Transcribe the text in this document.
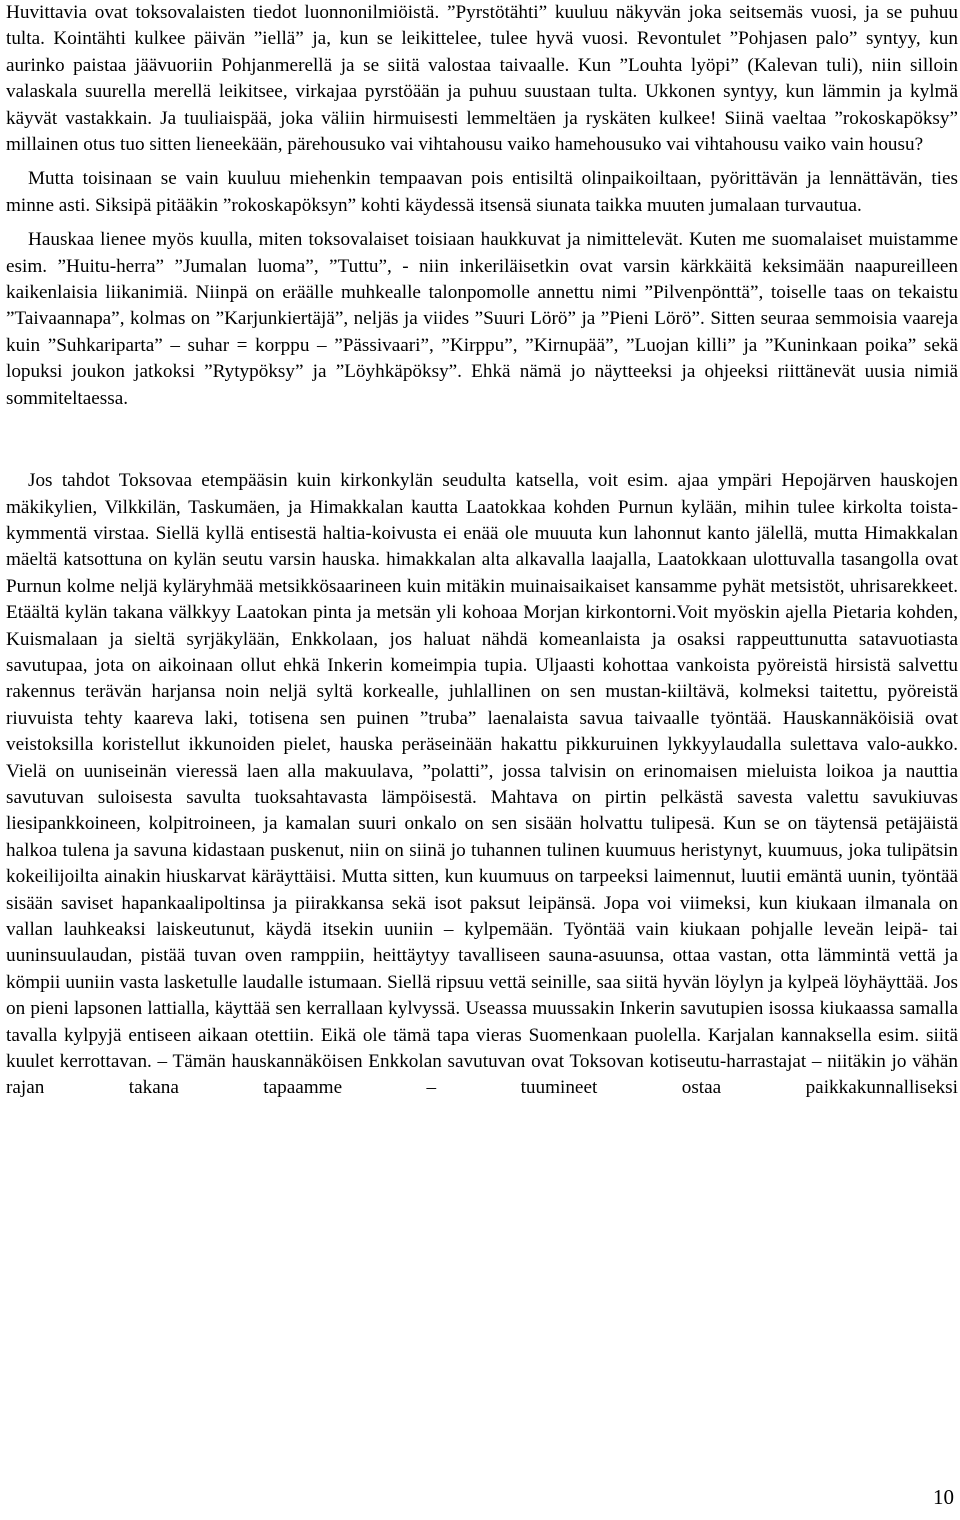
Huvittavia ovat toksovalaisten tiedot luonnonilmiöistä. ”Pyrstötähti” kuuluu näkyvän joka seitsemäs vuosi, ja se puhuu tulta. Kointähti kulkee päivän ”iellä” ja, kun se leikittelee, tulee hyvä vuosi. Revontulet ”Pohjasen palo” syntyy, kun aurinko paistaa jäävuoriin Pohjanmerellä ja se siitä valostaa taivaalle. Kun ”Louhta lyöpi” (Kalevan tuli), niin silloin valaskala suurella merellä leikitsee, virkajaa pyrstöään ja puhuu suustaan tulta. Ukkonen syntyy, kun lämmin ja kylmä käyvät vastakkain. Ja tuuliaispää, joka väliin hirmuisesti lemmeltäen ja ryskäten kulkee! Siinä vaeltaa ”rokoskapöksy” millainen otus tuo sitten lieneekään, pärehousuko vai vihtahousu vaiko hamehousuko vai vihtahousu vaiko vain housu?

Mutta toisinaan se vain kuuluu miehenkin tempaavan pois entisiltä olinpaikoiltaan, pyörittävän ja lennättävän, ties minne asti. Siksipä pitääkin ”rokoskapöksyn” kohti käydessä itsensä siunata taikka muuten jumalaan turvautua.

Hauskaa lienee myös kuulla, miten toksovalaiset toisiaan haukkuvat ja nimittelevät. Kuten me suomalaiset muistamme esim. ”Huitu-herra” ”Jumalan luoma”, ”Tuttu”, - niin inkeriläisetkin ovat varsin kärkkäitä keksimään naapureilleen kaikenlaisia liikanimiä. Niinpä on eräälle muhkealle talonpomolle annettu nimi ”Pilvenpönttä”, toiselle taas on tekaistu ”Taivaannapa”, kolmas on ”Karjunkiertäjä”, neljäs ja viides ”Suuri Lörö” ja ”Pieni Lörö”. Sitten seuraa semmoisia vaareja kuin ”Suhkariparta” – suhar = korppu – ”Pässivaari”, ”Kirppu”, ”Kirnupää”, ”Luojan killi” ja ”Kuninkaan poika” sekä lopuksi joukon jatkoksi ”Rytypöksy” ja ”Löyhkäpöksy”. Ehkä nämä jo näytteeksi ja ohjeeksi riittänevät uusia nimiä sommiteltaessa.

Jos tahdot Toksovaa etempääsin kuin kirkonkylän seudulta katsella, voit esim. ajaa ympäri Hepojärven hauskojen mäkikylien, Vilkkilän, Taskumäen, ja Himakkalan kautta Laatokkaa kohden Purnun kylään, mihin tulee kirkolta toista-kymmentä virstaa. Siellä kyllä entisestä haltia-koivusta ei enää ole muuuta kun lahonnut kanto jälellä, mutta Himakkalan mäeltä katsottuna on kylän seutu varsin hauska. himakkalan alta alkavalla laajalla, Laatokkaan ulottuvalla tasangolla ovat Purnun kolme neljä kyläryhmää metsikkösaarineen kuin mitäkin muinaisaikaiset kansamme pyhät metsistöt, uhrisarekkeet. Etäältä kylän takana välkkyy Laatokan pinta ja metsän yli kohoaa Morjan kirkontorni.Voit myöskin ajella Pietaria kohden, Kuismalaan ja sieltä syrjäkylään, Enkkolaan, jos haluat nähdä komeanlaista ja osaksi rappeuttunutta satavuotiasta savutupaa, jota on aikoinaan ollut ehkä Inkerin komeimpia tupia. Uljaasti kohottaa vankoista pyöreistä hirsistä salvettu rakennus terävän harjansa noin neljä syltä korkealle, juhlallinen on sen mustan-kiiltävä, kolmeksi taitettu, pyöreistä riuvuista tehty kaareva laki, totisena sen puinen ”truba” laenalaista savua taivaalle työntää. Hauskannäköisiä ovat veistoksilla koristellut ikkunoiden pielet, hauska peräseinään hakattu pikkuruinen lykkyylaudalla sulettava valo-aukko. Vielä on uuniseinän vieressä laen alla makuulava, ”polatti”, jossa talvisin on erinomaisen mieluista loikoa ja nauttia savutuvan suloisesta savulta tuoksahtavasta lämpöisestä. Mahtava on pirtin pelkästä savesta valettu savukiuvas liesipankkoineen, kolpitroineen, ja kamalan suuri onkalo on sen sisään holvattu tulipesä. Kun se on täytensä petäjäistä halkoa tulena ja savuna kidastaan puskenut, niin on siinä jo tuhannen tulinen kuumuus heristynyt, kuumuus, joka tulipätsin kokeilijoilta ainakin hiuskarvat käräyttäisi. Mutta sitten, kun kuumuus on tarpeeksi laimennut, luutii emäntä uunin, työntää sisään saviset hapankaalipoltinsa ja piirakkansa sekä isot paksut leipänsä. Jopa voi viimeksi, kun kiukaan ilmanala on vallan lauhkeaksi laiskeutunut, käydä itsekin uuniin – kylpemään. Työntää vain kiukaan pohjalle leveän leipä- tai uuninsuulaudan, pistää tuvan oven ramppiin, heittäytyy tavalliseen sauna-asuunsa, ottaa vastan, otta lämmintä vettä ja kömpii uuniin vasta lasketulle laudalle istumaan. Siellä ripsuu vettä seinille, saa siitä hyvän löylyn ja kylpeä löyhäyttää. Jos on pieni lapsonen lattialla, käyttää sen kerrallaan kylvyssä. Useassa muussakin Inkerin savutupien isossa kiukaassa samalla tavalla kylpyjä entiseen aikaan otettiin. Eikä ole tämä tapa vieras Suomenkaan puolella. Karjalan kannaksella esim. siitä kuulet kerrottavan. – Tämän hauskannäköisen Enkkolan savutuvan ovat Toksovan kotiseutu-harrastajat – niitäkin jo vähän rajan takana tapaamme – tuumineet ostaa paikkakunnalliseksi

10
